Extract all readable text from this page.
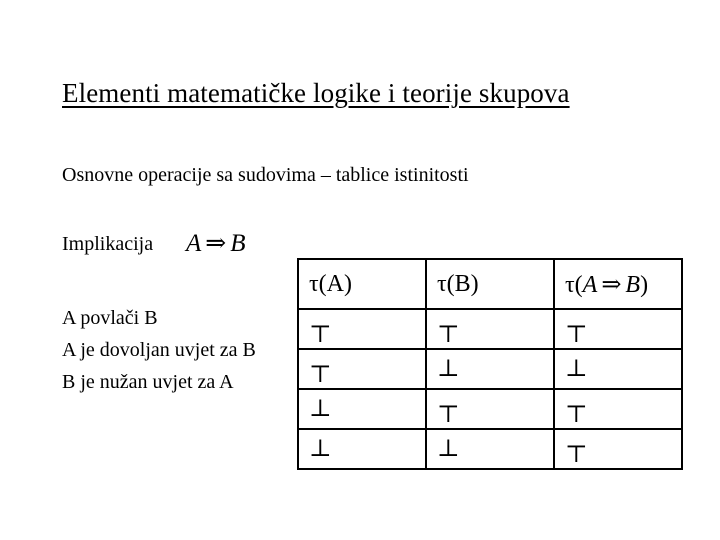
Elementi matematičke logike i teorije skupova
Osnovne operacije sa sudovima – tablice istinitosti
Implikacija A ⇒ B
A povlači B
A je dovoljan uvjet za B
B je nužan uvjet za A
τ(A)	τ(B)	τ(A ⇒ B)
⊤	⊤	⊤
⊤	⊥	⊥
⊥	⊤	⊤
⊥	⊥	⊤
